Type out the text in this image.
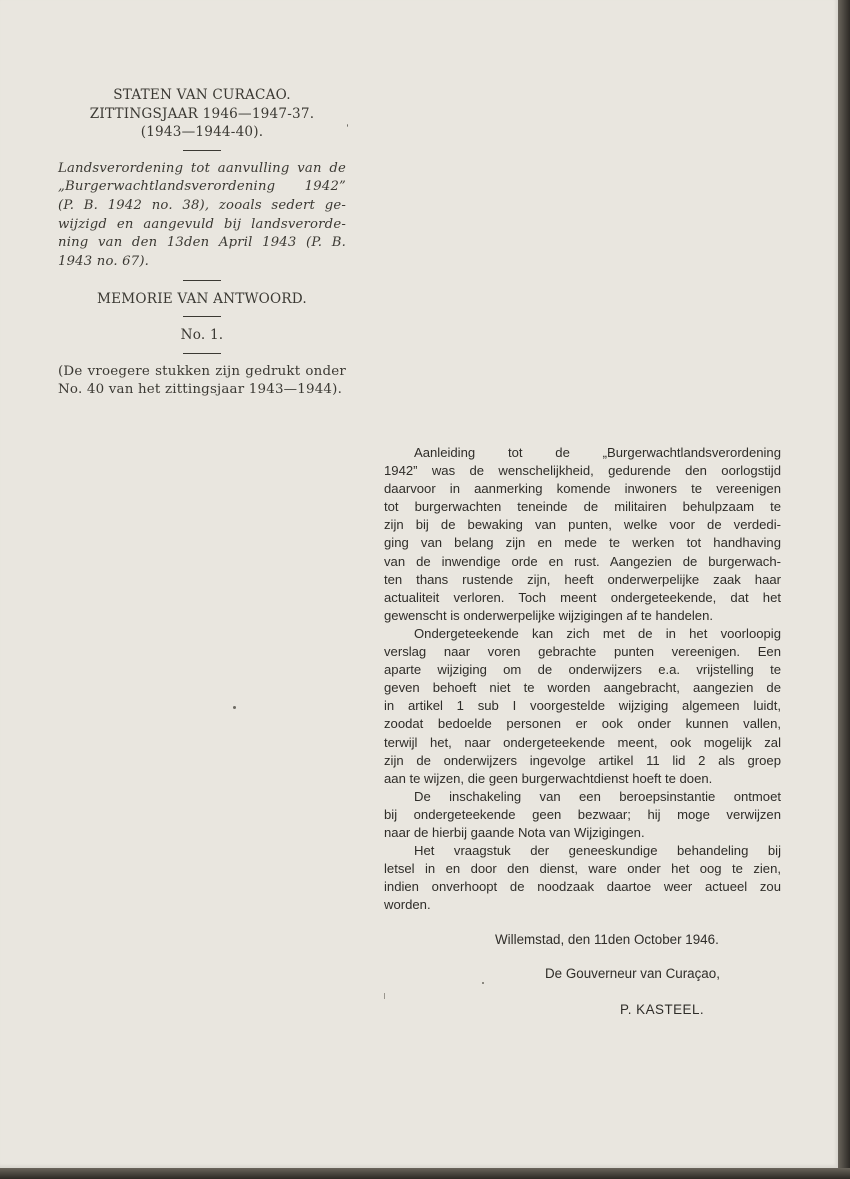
STATEN VAN CURACAO.
ZITTINGSJAAR 1946—1947-37.
(1943—1944-40).
Landsverordening tot aanvulling van de
„Burgerwachtlandsverordening 1942”
(P. B. 1942 no. 38), zooals sedert ge-
wijzigd en aangevuld bij landsverorde-
ning van den 13den April 1943 (P. B.
1943 no. 67).
MEMORIE VAN ANTWOORD.
No. 1.
(De vroegere stukken zijn gedrukt onder
No. 40 van het zittingsjaar 1943—1944).
Aanleiding tot de „Burgerwachtlandsverordening
1942” was de wenschelijkheid, gedurende den oorlogstijd
daarvoor in aanmerking komende inwoners te vereenigen
tot burgerwachten teneinde de militairen behulpzaam te
zijn bij de bewaking van punten, welke voor de verdedi-
ging van belang zijn en mede te werken tot handhaving
van de inwendige orde en rust. Aangezien de burgerwach-
ten thans rustende zijn, heeft onderwerpelijke zaak haar
actualiteit verloren. Toch meent ondergeteekende, dat het
gewenscht is onderwerpelijke wijzigingen af te handelen.
Ondergeteekende kan zich met de in het voorloopig
verslag naar voren gebrachte punten vereenigen. Een
aparte wijziging om de onderwijzers e.a. vrijstelling te
geven behoeft niet te worden aangebracht, aangezien de
in artikel 1 sub I voorgestelde wijziging algemeen luidt,
zoodat bedoelde personen er ook onder kunnen vallen,
terwijl het, naar ondergeteekende meent, ook mogelijk zal
zijn de onderwijzers ingevolge artikel 11 lid 2 als groep
aan te wijzen, die geen burgerwachtdienst hoeft te doen.
De inschakeling van een beroepsinstantie ontmoet
bij ondergeteekende geen bezwaar; hij moge verwijzen
naar de hierbij gaande Nota van Wijzigingen.
Het vraagstuk der geneeskundige behandeling bij
letsel in en door den dienst, ware onder het oog te zien,
indien onverhoopt de noodzaak daartoe weer actueel zou
worden.
Willemstad, den 11den October 1946.
De Gouverneur van Curaçao,
P. KASTEEL.
